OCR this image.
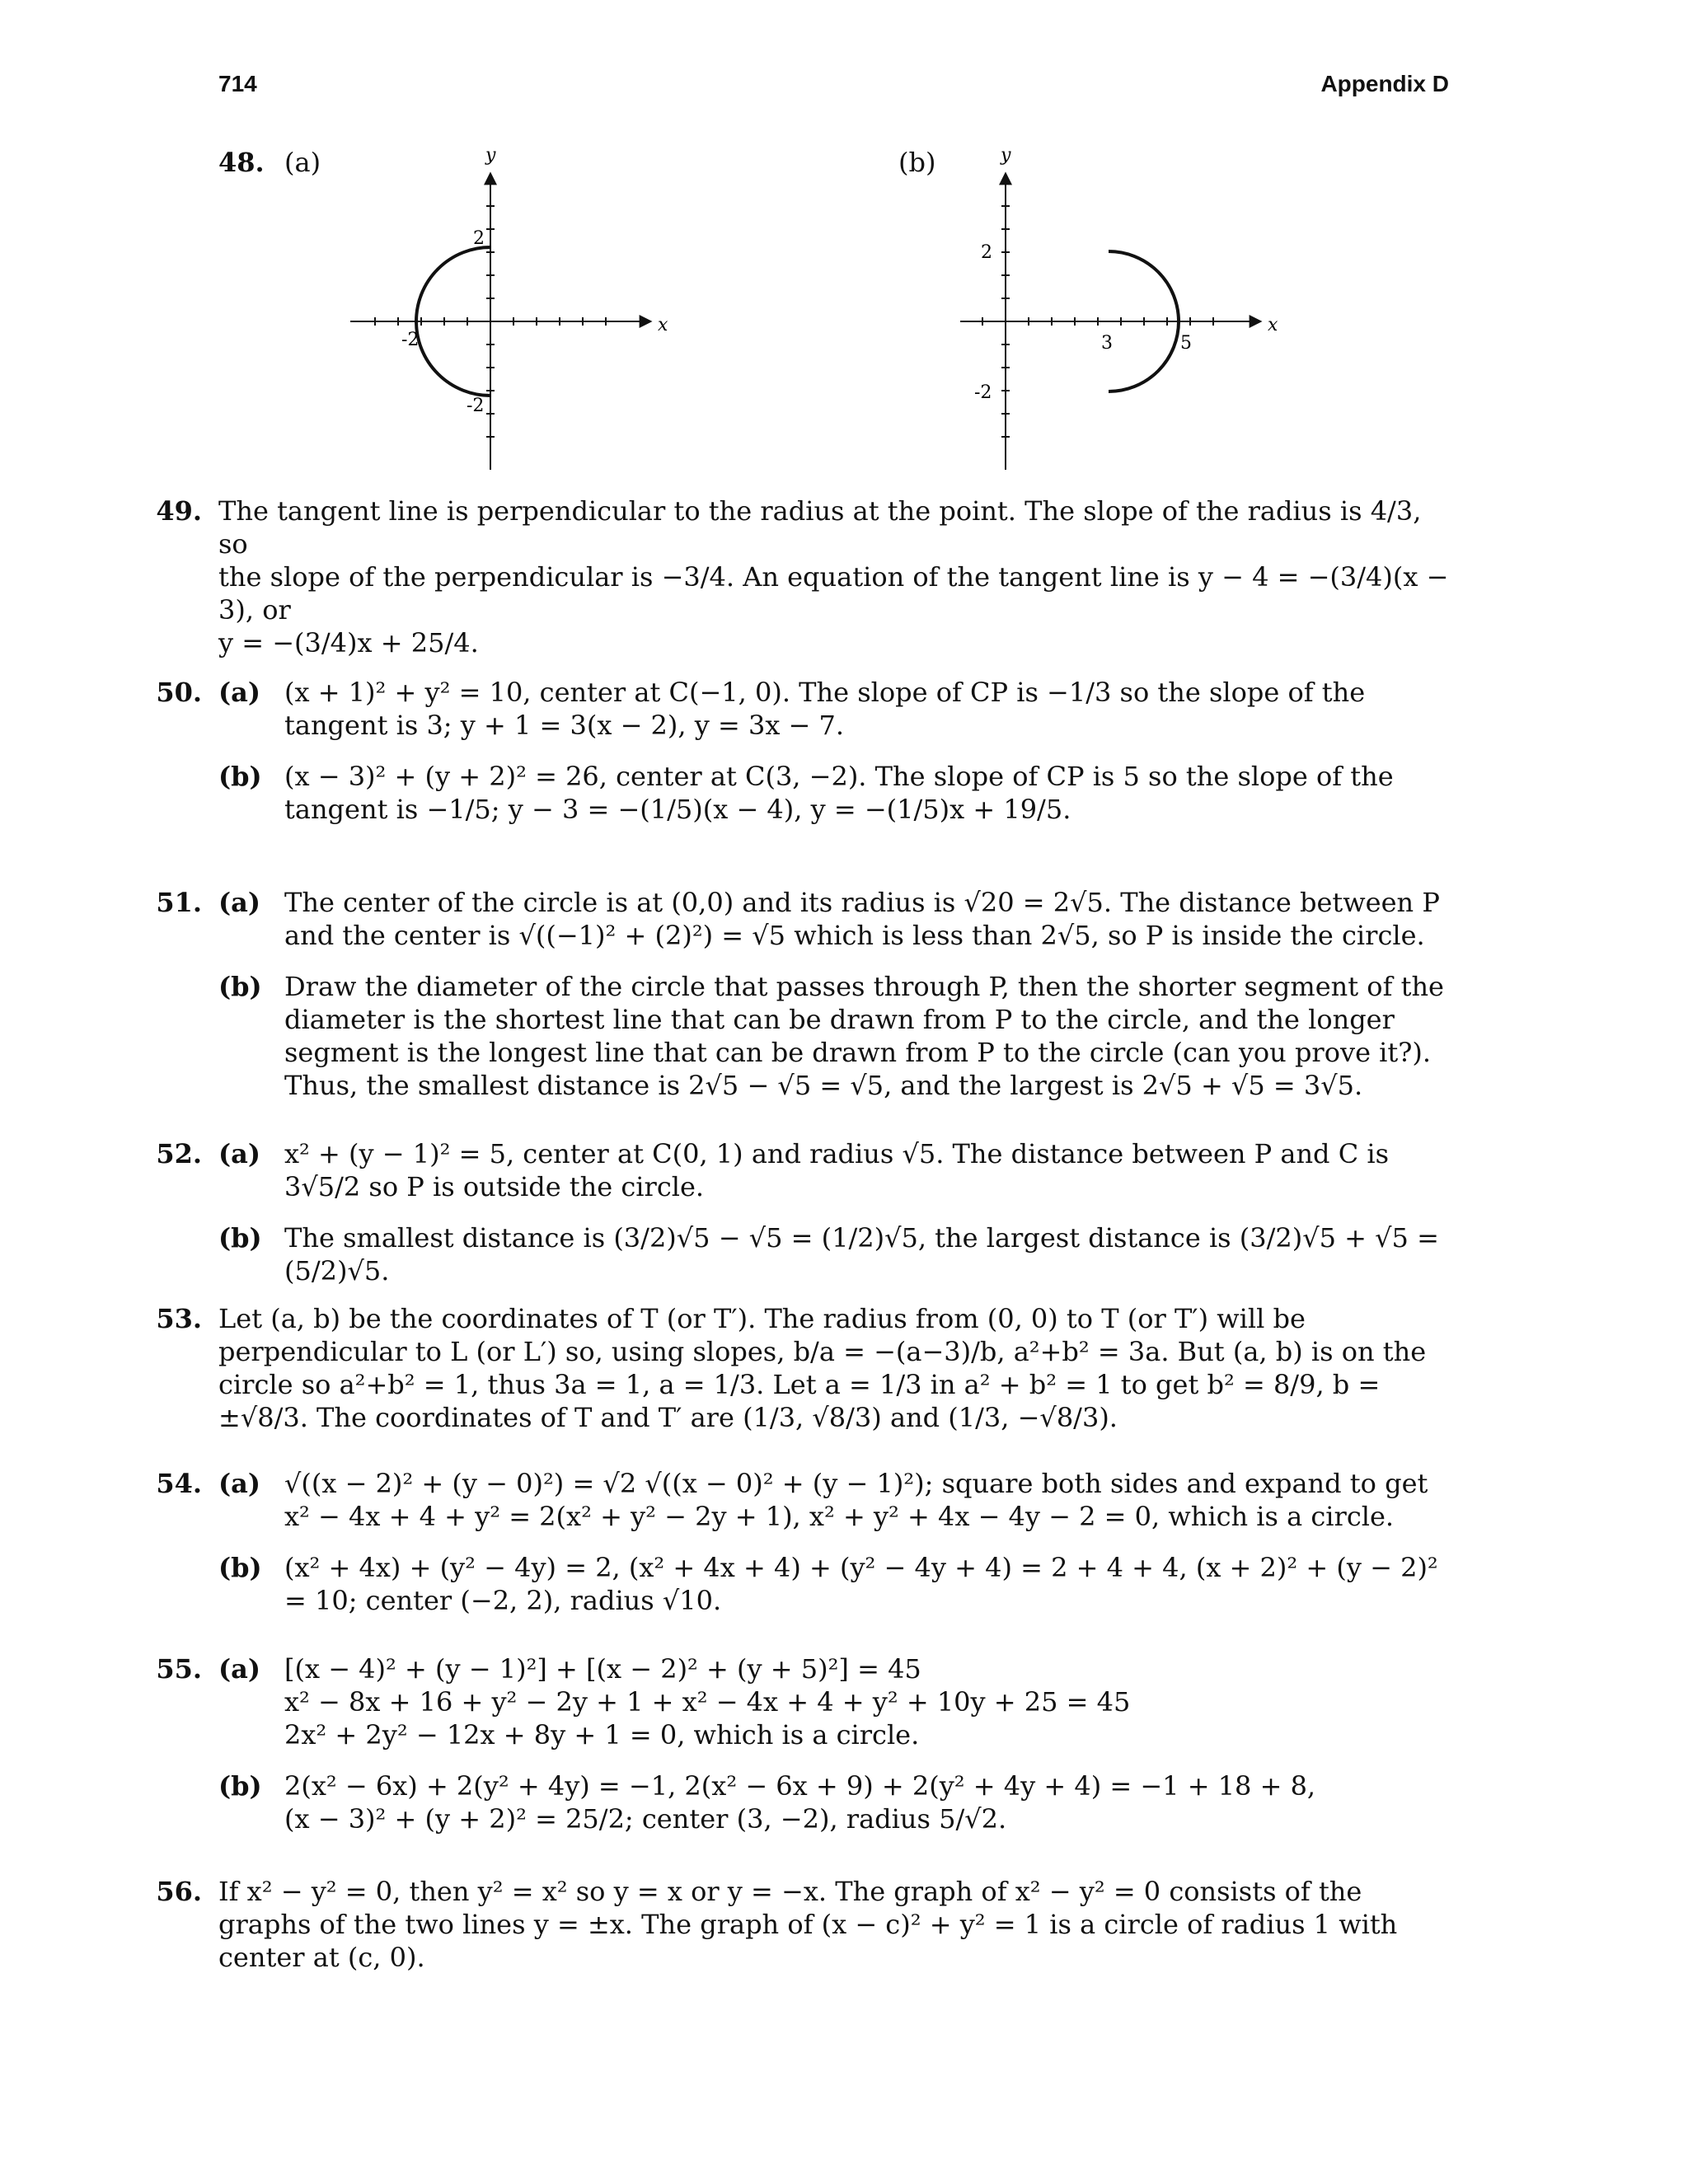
714	Appendix D
48. (a)	(b)
x
y
2
-2
-2
x
y
2
-2
3	5
49. The tangent line is perpendicular to the radius at the point. The slope of the radius is 4/3, so

the slope of the perpendicular is −3/4. An equation of the tangent line is y − 4 = −(3/4)(x − 3), or

y = −(3/4)x + 25/4.

50. (a) (x + 1)² + y² = 10, center at C(−1, 0). The slope of CP is −1/3 so the slope of the tangent is 3; y + 1 = 3(x − 2), y = 3x − 7.

(b) (x − 3)² + (y + 2)² = 26, center at C(3, −2). The slope of CP is 5 so the slope of the tangent is −1/5; y − 3 = −(1/5)(x − 4), y = −(1/5)x + 19/5.

51. (a) The center of the circle is at (0,0) and its radius is √20 = 2√5. The distance between P and the center is √((−1)² + (2)²) = √5 which is less than 2√5, so P is inside the circle.

(b) Draw the diameter of the circle that passes through P, then the shorter segment of the diameter is the shortest line that can be drawn from P to the circle, and the longer segment is the longest line that can be drawn from P to the circle (can you prove it?). Thus, the smallest distance is 2√5 − √5 = √5, and the largest is 2√5 + √5 = 3√5.

52. (a) x² + (y − 1)² = 5, center at C(0, 1) and radius √5. The distance between P and C is 3√5/2 so P is outside the circle.

(b) The smallest distance is (3/2)√5 − √5 = (1/2)√5, the largest distance is (3/2)√5 + √5 = (5/2)√5.

53. Let (a, b) be the coordinates of T (or T′). The radius from (0, 0) to T (or T′) will be perpendicular to L (or L′) so, using slopes, b/a = −(a−3)/b, a²+b² = 3a. But (a, b) is on the circle so a²+b² = 1, thus 3a = 1, a = 1/3. Let a = 1/3 in a² + b² = 1 to get b² = 8/9, b = ±√8/3. The coordinates of T and T′ are (1/3, √8/3) and (1/3, −√8/3).

54. (a) √((x − 2)² + (y − 0)²) = √2 √((x − 0)² + (y − 1)²); square both sides and expand to get x² − 4x + 4 + y² = 2(x² + y² − 2y + 1), x² + y² + 4x − 4y − 2 = 0, which is a circle.

(b) (x² + 4x) + (y² − 4y) = 2, (x² + 4x + 4) + (y² − 4y + 4) = 2 + 4 + 4, (x + 2)² + (y − 2)² = 10; center (−2, 2), radius √10.

55. (a) [(x − 4)² + (y − 1)²] + [(x − 2)² + (y + 5)²] = 45

x² − 8x + 16 + y² − 2y + 1 + x² − 4x + 4 + y² + 10y + 25 = 45

2x² + 2y² − 12x + 8y + 1 = 0, which is a circle.

(b) 2(x² − 6x) + 2(y² + 4y) = −1, 2(x² − 6x + 9) + 2(y² + 4y + 4) = −1 + 18 + 8,

(x − 3)² + (y + 2)² = 25/2; center (3, −2), radius 5/√2.

56. If x² − y² = 0, then y² = x² so y = x or y = −x. The graph of x² − y² = 0 consists of the graphs of the two lines y = ±x. The graph of (x − c)² + y² = 1 is a circle of radius 1 with center at (c, 0).
